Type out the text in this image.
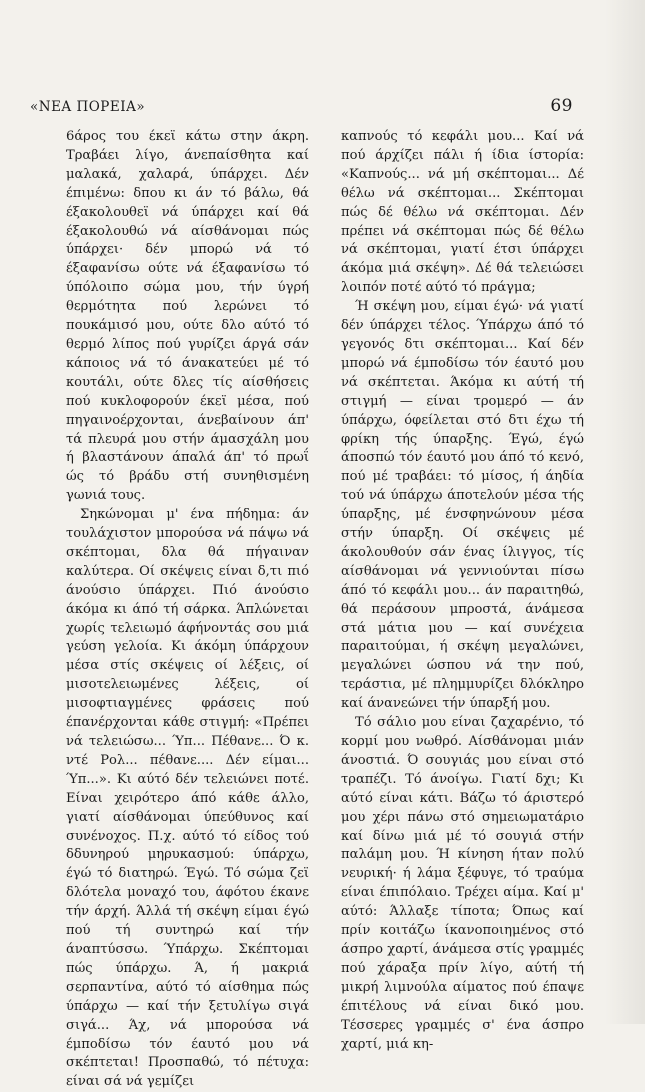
«ΝΕΑ ΠΟΡΕΙΑ»	69

6άρος του έκεϊ κάτω στην άκρη. Τραβάει λίγο, άνεπαίσθητα καί μαλακά, χαλαρά, ύπάρχει. Δέν έπιμένω: δπου κι άν τό βάλω, θά έξακολουθεϊ νά ύπάρχει καί θά έξακολουθώ νά αίσθάνομαι πώς ύπάρχει· δέν μπορώ νά τό έξαφανίσω ούτε νά έξαφανίσω τό ύπόλοιπο σώμα μου, τήν ύγρή θερμότητα πού λερώνει τό πουκάμισό μου, ούτε δλο αύτό τό θερμό λίπος πού γυρίζει άργά σάν κάποιος νά τό άνακατεύει μέ τό κουτάλι, ούτε δλες τίς αίσθήσεις πού κυκλοφορούν έκεϊ μέσα, πού πηγαινοέρχονται, άνεβαίνουν άπ' τά πλευρά μου στήν άμασχάλη μου ή βλαστάνουν άπαλά άπ' τό πρωΐ ώς τό βράδυ στή συνηθισμένη γωνιά τους.

Σηκώνομαι μ' ένα πήδημα: άν τουλάχιστον μπορούσα νά πάψω νά σκέπτομαι, δλα θά πήγαιναν καλύτερα. Οί σκέψεις είναι δ,τι πιό άνούσιο ύπάρχει. Πιό άνούσιο άκόμα κι άπό τή σάρκα. Άπλώνεται χωρίς τελειωμό άφήνοντάς σου μιά γεύση γελοία. Κι άκόμη ύπάρχουν μέσα στίς σκέψεις οί λέξεις, οί μισοτελειωμένες λέξεις, οί μισοφτιαγμένες φράσεις πού έπανέρχονται κάθε στιγμή: «Πρέπει νά τελειώσω... Ύπ... Πέθανε... Ό κ. ντέ Ρολ... πέθανε.... Δέν είμαι... Ύπ...». Κι αύτό δέν τελειώνει ποτέ. Είναι χειρότερο άπό κάθε άλλο, γιατί αίσθάνομαι ύπεύθυνος καί συνένοχος. Π.χ. αύτό τό είδος τού δδυνηρού μηρυκασμού: ύπάρχω, έγώ τό διατηρώ. Έγώ. Τό σώμα ζεϊ δλότελα μοναχό του, άφότου έκανε τήν άρχή. Άλλά τή σκέψη είμαι έγώ πού τή συντηρώ καί τήν άναπτύσσω. Ύπάρχω. Σκέπτομαι πώς ύπάρχω. Ά, ή μακριά σερπαντίνα, αύτό τό αίσθημα πώς ύπάρχω — καί τήν ξετυλίγω σιγά σιγά... Άχ, νά μπορούσα νά έμποδίσω τόν έαυτό μου νά σκέπτεται! Προσπαθώ, τό πέτυχα: είναι σά νά γεμίζει

καπνούς τό κεφάλι μου... Καί νά πού άρχίζει πάλι ή ίδια ίστορία: «Καπνούς... νά μή σκέπτομαι... Δέ θέλω νά σκέπτομαι... Σκέπτομαι πώς δέ θέλω νά σκέπτομαι. Δέν πρέπει νά σκέπτομαι πώς δέ θέλω νά σκέπτομαι, γιατί έτσι ύπάρχει άκόμα μιά σκέψη». Δέ θά τελειώσει λοιπόν ποτέ αύτό τό πράγμα;

Ή σκέψη μου, είμαι έγώ· νά γιατί δέν ύπάρχει τέλος. Ύπάρχω άπό τό γεγονός δτι σκέπτομαι... Καί δέν μπορώ νά έμποδίσω τόν έαυτό μου νά σκέπτεται. Άκόμα κι αύτή τή στιγμή — είναι τρομερό — άν ύπάρχω, όφείλεται στό δτι έχω τή φρίκη τής ύπαρξης. Έγώ, έγώ άποσπώ τόν έαυτό μου άπό τό κενό, πού μέ τραβάει: τό μίσος, ή άηδία τού νά ύπάρχω άποτελούν μέσα τής ύπαρξης, μέ ένσφηνώνουν μέσα στήν ύπαρξη. Οί σκέψεις μέ άκολουθούν σάν ένας ίλιγγος, τίς αίσθάνομαι νά γεννιούνται πίσω άπό τό κεφάλι μου... άν παραιτηθώ, θά περάσουν μπροστά, άνάμεσα στά μάτια μου — καί συνέχεια παραιτούμαι, ή σκέψη μεγαλώνει, μεγαλώνει ώσπου νά την πού, τεράστια, μέ πλημμυρίζει δλόκληρο καί άνανεώνει τήν ύπαρξή μου.

Τό σάλιο μου είναι ζαχαρένιο, τό κορμί μου νωθρό. Αίσθάνομαι μιάν άνοστιά. Ό σουγιάς μου είναι στό τραπέζι. Τό άνοίγω. Γιατί δχι; Κι αύτό είναι κάτι. Βάζω τό άριστερό μου χέρι πάνω στό σημειωματάριο καί δίνω μιά μέ τό σουγιά στήν παλάμη μου. Ή κίνηση ήταν πολύ νευρική· ή λάμα ξέφυγε, τό τραύμα είναι έπιπόλαιο. Τρέχει αίμα. Καί μ' αύτό: Άλλαξε τίποτα; Όπως καί πρίν κοιτάζω ίκανοποιημένος στό άσπρο χαρτί, άνάμεσα στίς γραμμές πού χάραξα πρίν λίγο, αύτή τή μικρή λιμνούλα αίματος πού έπαψε έπιτέλους νά είναι δικό μου. Τέσσερες γραμμές σ' ένα άσπρο χαρτί, μιά κη-
